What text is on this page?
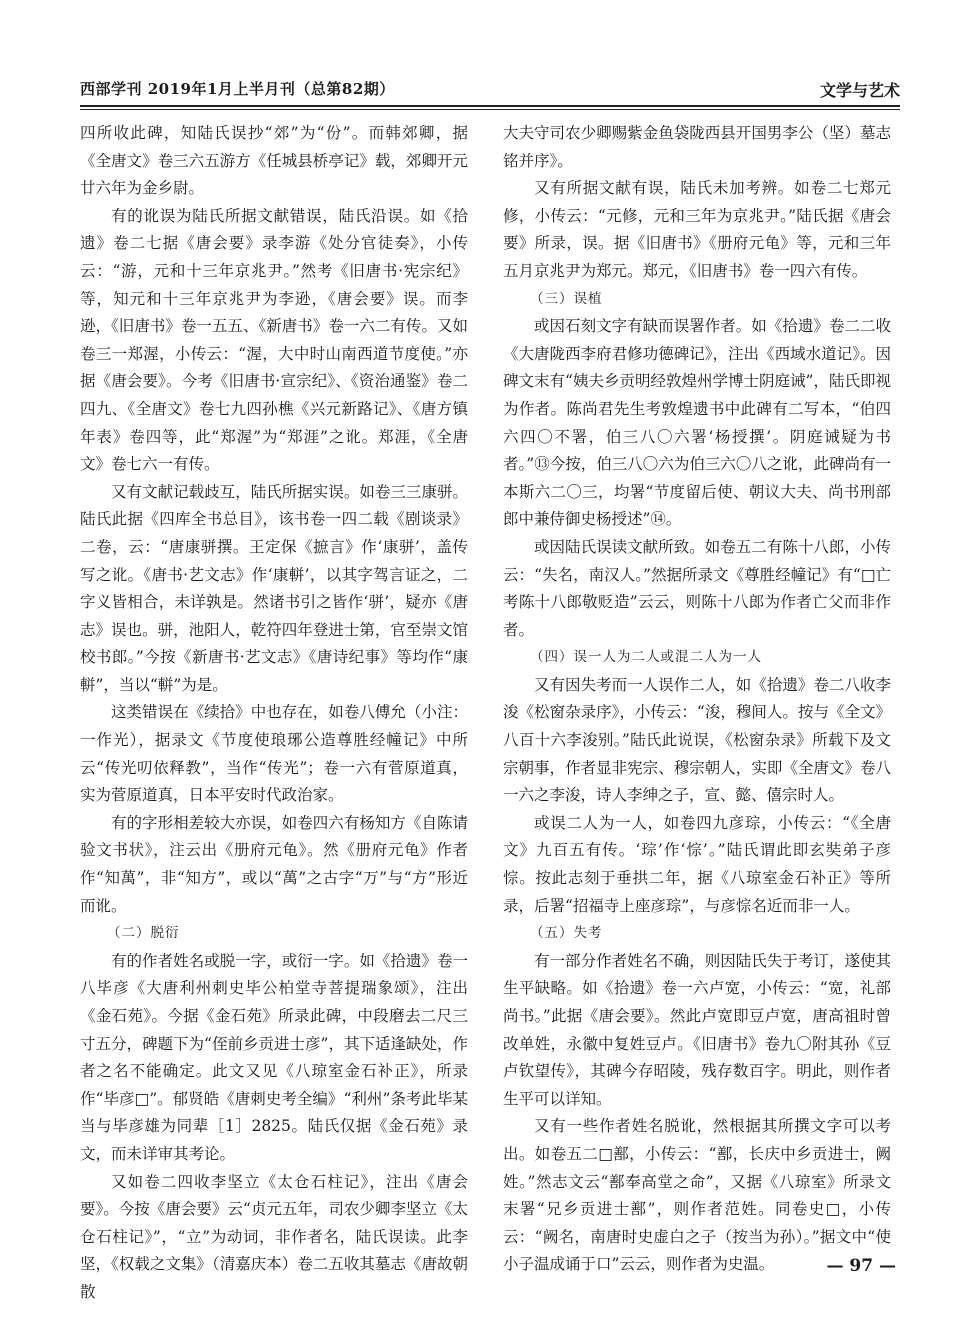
西部学刊 2019年1月上半月刊（总第82期）	文学与艺术

四所收此碑，知陆氏误抄“郊”为“份”。而韩郊卿，据《全唐文》卷三六五游方《任城县桥亭记》载，郊卿开元廿六年为金乡尉。

有的讹误为陆氏所据文献错误，陆氏沿误。如《拾遗》卷二七据《唐会要》录李游《处分官徒奏》，小传云：“游，元和十三年京兆尹。”然考《旧唐书·宪宗纪》等，知元和十三年京兆尹为李逊，《唐会要》误。而李逊，《旧唐书》卷一五五、《新唐书》卷一六二有传。又如卷三一郑渥，小传云：“渥，大中时山南西道节度使。”亦据《唐会要》。今考《旧唐书·宣宗纪》、《资治通鉴》卷二四九、《全唐文》卷七九四孙樵《兴元新路记》、《唐方镇年表》卷四等，此“郑渥”为“郑涯”之讹。郑涯，《全唐文》卷七六一有传。

又有文献记载歧互，陆氏所据实误。如卷三三康骈。陆氏此据《四库全书总目》，该书卷一四二载《剧谈录》二卷，云：“唐康骈撰。王定保《摭言》作‘康骈’，盖传写之讹。《唐书·艺文志》作‘康軿’，以其字驾言证之，二字义皆相合，未详孰是。然诸书引之皆作‘骈’，疑亦《唐志》误也。骈，池阳人，乾符四年登进士第，官至崇文馆校书郎。”今按《新唐书·艺文志》《唐诗纪事》等均作“康軿”，当以“軿”为是。

这类错误在《续拾》中也存在，如卷八傅允（小注：一作光），据录文《节度使琅琊公造尊胜经幢记》中所云“传光叨依释教”，当作“传光”；卷一六有菅原道真，实为菅原道真，日本平安时代政治家。

有的字形相差较大亦误，如卷四六有杨知方《自陈请验文书状》，注云出《册府元龟》。然《册府元龟》作者作“知萬”，非“知方”，或以“萬”之古字“万”与“方”形近而讹。

（二）脱衍

有的作者姓名或脱一字，或衍一字。如《拾遗》卷一八毕彦《大唐利州刺史毕公柏堂寺菩提瑞象颂》，注出《金石苑》。今据《金石苑》所录此碑，中段磨去二尺三寸五分，碑题下为“侄前乡贡进士彦”，其下适逢缺处，作者之名不能确定。此文又见《八琼室金石补正》，所录作“毕彦□”。郁贤皓《唐刺史考全编》“利州”条考此毕某当与毕彦雄为同辈［1］2825。陆氏仅据《金石苑》录文，而未详审其考论。

又如卷二四收李坚立《太仓石柱记》，注出《唐会要》。今按《唐会要》云“贞元五年，司农少卿李坚立《太仓石柱记》”，“立”为动词，非作者名，陆氏误读。此李坚，《权载之文集》（清嘉庆本）卷二五收其墓志《唐故朝散

大夫守司农少卿赐紫金鱼袋陇西县开国男李公（坚）墓志铭并序》。

又有所据文献有误，陆氏未加考辨。如卷二七郑元修，小传云：“元修，元和三年为京兆尹。”陆氏据《唐会要》所录，误。据《旧唐书》《册府元龟》等，元和三年五月京兆尹为郑元。郑元，《旧唐书》卷一四六有传。

（三）误植

或因石刻文字有缺而误署作者。如《拾遗》卷二二收《大唐陇西李府君修功德碑记》，注出《西域水道记》。因碑文末有“姨夫乡贡明经敦煌州学博士阴庭诫”，陆氏即视为作者。陈尚君先生考敦煌遗书中此碑有二写本，“伯四六四〇不署，伯三八〇六署‘杨授撰’。阴庭诫疑为书者。”⑬今按，伯三八〇六为伯三六〇八之讹，此碑尚有一本斯六二〇三，均署“节度留后使、朝议大夫、尚书刑部郎中兼侍御史杨授述”⑭。

或因陆氏误读文献所致。如卷五二有陈十八郎，小传云：“失名，南汉人。”然据所录文《尊胜经幢记》有“□亡考陈十八郎敬贬造”云云，则陈十八郎为作者亡父而非作者。

（四）误一人为二人或混二人为一人

又有因失考而一人误作二人，如《拾遗》卷二八收李浚《松窗杂录序》，小传云：“浚，穆间人。按与《全文》八百十六李浚别。”陆氏此说误，《松窗杂录》所载下及文宗朝事，作者显非宪宗、穆宗朝人，实即《全唐文》卷八一六之李浚，诗人李绅之子，宣、懿、僖宗时人。

或误二人为一人，如卷四九彦琮，小传云：“《全唐文》九百五有传。‘琮’作‘悰’。”陆氏谓此即玄奘弟子彦悰。按此志刻于垂拱二年，据《八琼室金石补正》等所录，后署“招福寺上座彦琮”，与彦悰名近而非一人。

（五）失考

有一部分作者姓名不确，则因陆氏失于考订，遂使其生平缺略。如《拾遗》卷一六卢宽，小传云：“宽，礼部尚书。”此据《唐会要》。然此卢宽即豆卢宽，唐高祖时曾改单姓，永徽中复姓豆卢。《旧唐书》卷九〇附其孙《豆卢钦望传》，其碑今存昭陵，残存数百字。明此，则作者生平可以详知。

又有一些作者姓名脱讹，然根据其所撰文字可以考出。如卷五二□鄯，小传云：“鄯，长庆中乡贡进士，阙姓。”然志文云“鄯奉高堂之命”，又据《八琼室》所录文末署“兄乡贡进士鄯”，则作者范姓。同卷史□，小传云：“阙名，南唐时史虚白之子（按当为孙）。”据文中“使小子温成诵于口”云云，则作者为史温。	— 97 —
